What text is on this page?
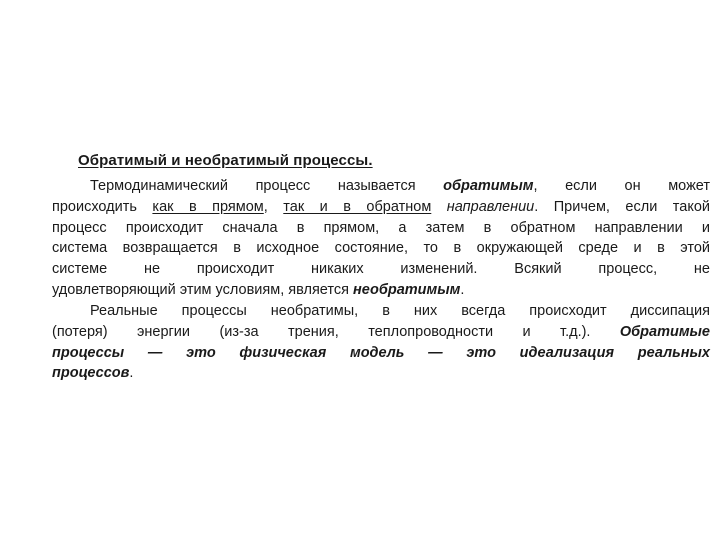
Обратимый и необратимый процессы.
Термодинамический процесс называется обратимым, если он может
происходить как в прямом, так и в обратном направлении. Причем, если такой
процесс происходит сначала в прямом, а затем в обратном направлении и
система возвращается в исходное состояние, то в окружающей среде и в этой
системе не происходит никаких изменений. Всякий процесс, не
удовлетворяющий этим условиям, является необратимым.
Реальные процессы необратимы, в них всегда происходит диссипация
(потеря) энергии (из-за трения, теплопроводности и т.д.). Обратимые
процессы — это физическая модель — это идеализация реальных
процессов.
